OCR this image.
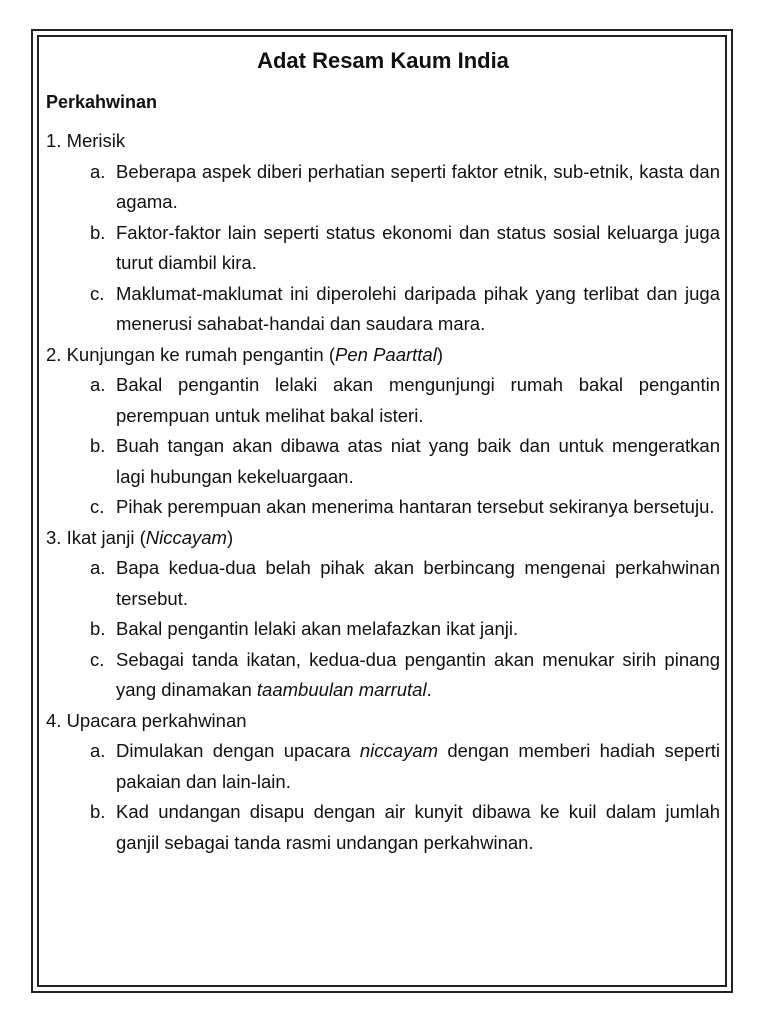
Adat Resam Kaum India
Perkahwinan

1. Merisik

a. Beberapa aspek diberi perhatian seperti faktor etnik, sub-etnik, kasta dan agama.

b. Faktor-faktor lain seperti status ekonomi dan status sosial keluarga juga turut diambil kira.

c. Maklumat-maklumat ini diperolehi daripada pihak yang terlibat dan juga menerusi sahabat-handai dan saudara mara.

2. Kunjungan ke rumah pengantin (Pen Paarttal)

a. Bakal pengantin lelaki akan mengunjungi rumah bakal pengantin perempuan untuk melihat bakal isteri.

b. Buah tangan akan dibawa atas niat yang baik dan untuk mengeratkan lagi hubungan kekeluargaan.

c. Pihak perempuan akan menerima hantaran tersebut sekiranya bersetuju.

3. Ikat janji (Niccayam)

a. Bapa kedua-dua belah pihak akan berbincang mengenai perkahwinan tersebut.

b. Bakal pengantin lelaki akan melafazkan ikat janji.

c. Sebagai tanda ikatan, kedua-dua pengantin akan menukar sirih pinang yang dinamakan taambuulan marrutal.

4. Upacara perkahwinan

a. Dimulakan dengan upacara niccayam dengan memberi hadiah seperti pakaian dan lain-lain.

b. Kad undangan disapu dengan air kunyit dibawa ke kuil dalam jumlah ganjil sebagai tanda rasmi undangan perkahwinan.
